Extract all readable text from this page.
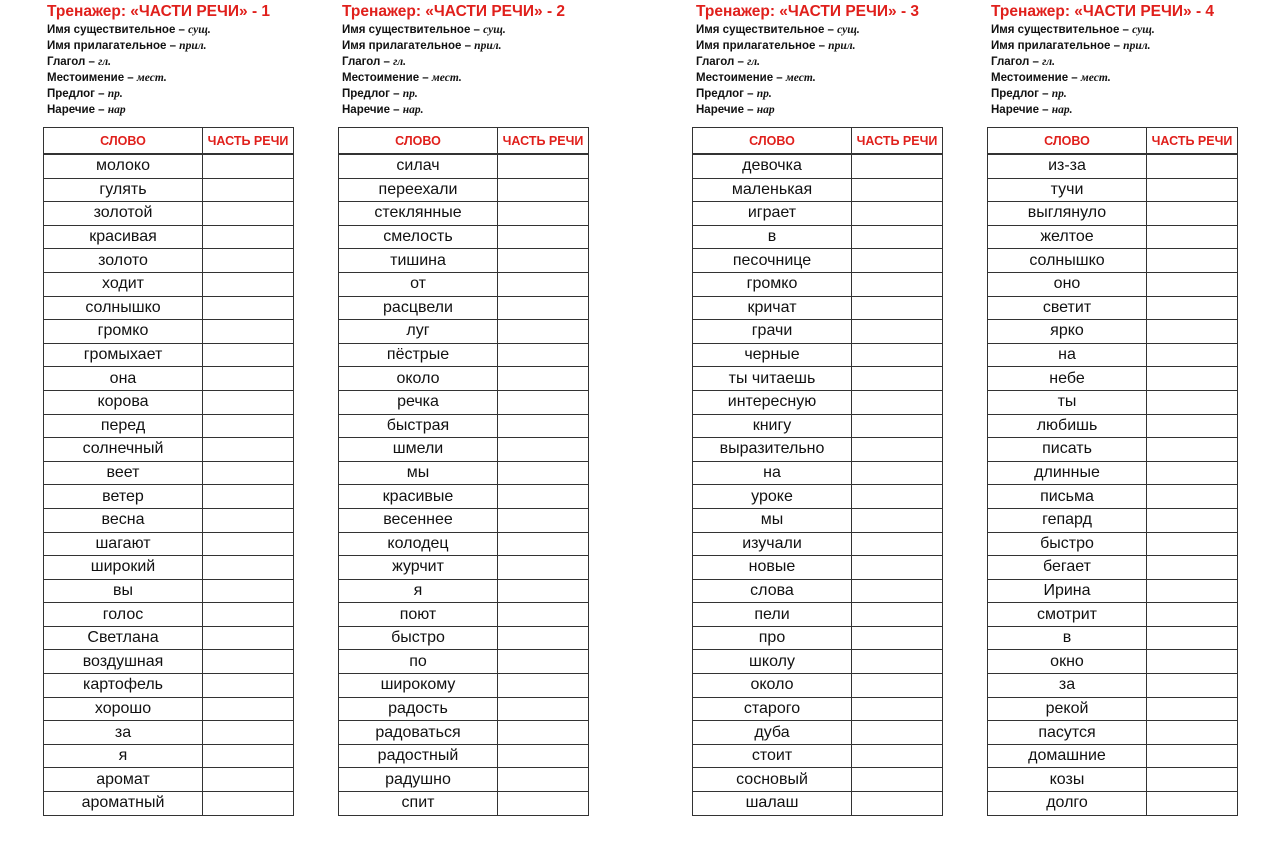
Тренажер: «ЧАСТИ РЕЧИ» - 1
Имя существительное – сущ.
Имя прилагательное – прил.
Глагол – гл.
Местоимение – мест.
Предлог – пр.
Наречие – нар
СЛОВО	ЧАСТЬ РЕЧИ

молоко	
гулять	
золотой	
красивая	
золото	
ходит	
солнышко	
громко	
громыхает	
она	
корова	
перед	
солнечный	
веет	
ветер	
весна	
шагают	
широкий	
вы	
голос	
Светлана	
воздушная	
картофель	
хорошо	
за	
я	
аромат	
ароматный	
Тренажер: «ЧАСТИ РЕЧИ» - 2
Имя существительное – сущ.
Имя прилагательное – прил.
Глагол – гл.
Местоимение – мест.
Предлог – пр.
Наречие – нар.
СЛОВО	ЧАСТЬ РЕЧИ

силач	
переехали	
стеклянные	
смелость	
тишина	
от	
расцвели	
луг	
пёстрые	
около	
речка	
быстрая	
шмели	
мы	
красивые	
весеннее	
колодец	
журчит	
я	
поют	
быстро	
по	
широкому	
радость	
радоваться	
радостный	
радушно	
спит	
Тренажер: «ЧАСТИ РЕЧИ» - 3
Имя существительное – сущ.
Имя прилагательное – прил.
Глагол – гл.
Местоимение – мест.
Предлог – пр.
Наречие – нар
СЛОВО	ЧАСТЬ РЕЧИ

девочка	
маленькая	
играет	
в	
песочнице	
громко	
кричат	
грачи	
черные	
ты читаешь	
интересную	
книгу	
выразительно	
на	
уроке	
мы	
изучали	
новые	
слова	
пели	
про	
школу	
около	
старого	
дуба	
стоит	
сосновый	
шалаш	
Тренажер: «ЧАСТИ РЕЧИ» - 4
Имя существительное – сущ.
Имя прилагательное – прил.
Глагол – гл.
Местоимение – мест.
Предлог – пр.
Наречие – нар.
СЛОВО	ЧАСТЬ РЕЧИ

из-за	
тучи	
выглянуло	
желтое	
солнышко	
оно	
светит	
ярко	
на	
небе	
ты	
любишь	
писать	
длинные	
письма	
гепард	
быстро	
бегает	
Ирина	
смотрит	
в	
окно	
за	
рекой	
пасутся	
домашние	
козы	
долго	
